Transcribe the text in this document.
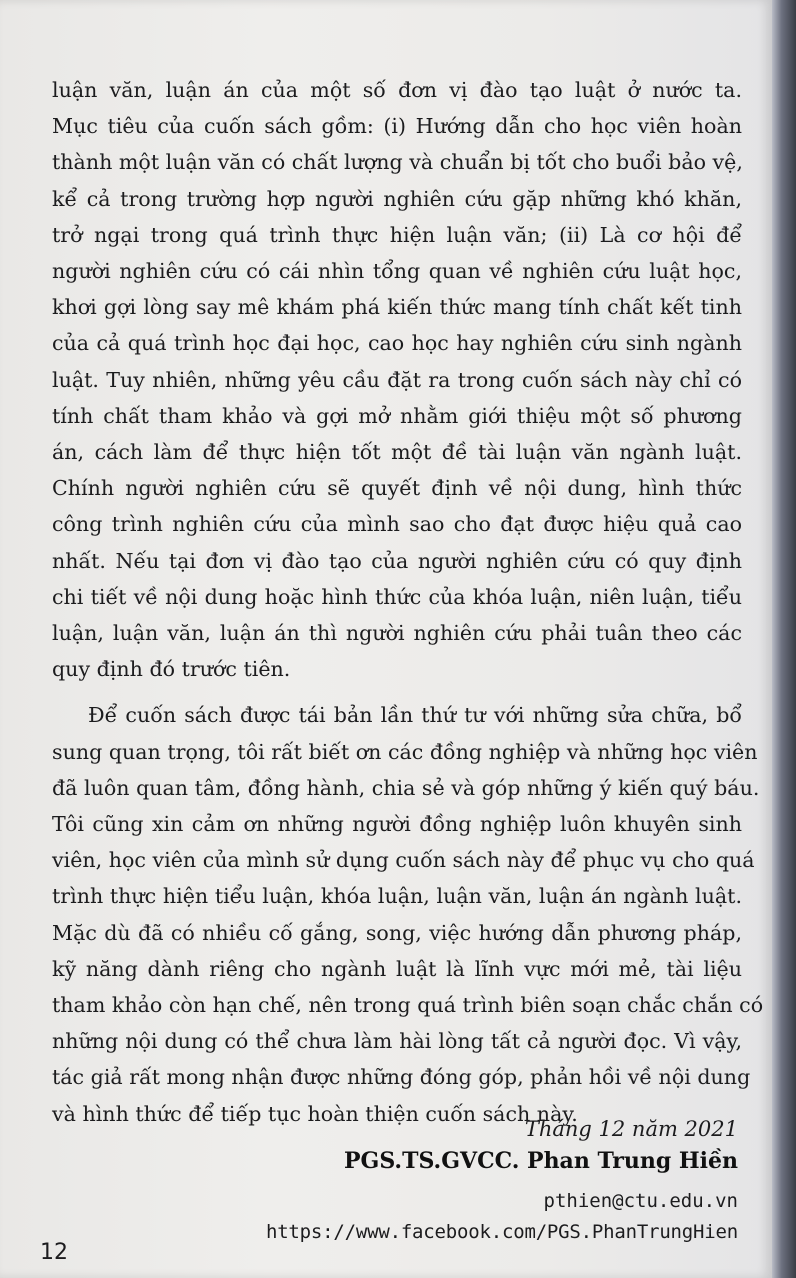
luận văn, luận án của một số đơn vị đào tạo luật ở nước ta.
Mục tiêu của cuốn sách gồm: (i) Hướng dẫn cho học viên hoàn
thành một luận văn có chất lượng và chuẩn bị tốt cho buổi bảo vệ,
kể cả trong trường hợp người nghiên cứu gặp những khó khăn,
trở ngại trong quá trình thực hiện luận văn; (ii) Là cơ hội để
người nghiên cứu có cái nhìn tổng quan về nghiên cứu luật học,
khơi gợi lòng say mê khám phá kiến thức mang tính chất kết tinh
của cả quá trình học đại học, cao học hay nghiên cứu sinh ngành
luật. Tuy nhiên, những yêu cầu đặt ra trong cuốn sách này chỉ có
tính chất tham khảo và gợi mở nhằm giới thiệu một số phương
án, cách làm để thực hiện tốt một đề tài luận văn ngành luật.
Chính người nghiên cứu sẽ quyết định về nội dung, hình thức
công trình nghiên cứu của mình sao cho đạt được hiệu quả cao
nhất. Nếu tại đơn vị đào tạo của người nghiên cứu có quy định
chi tiết về nội dung hoặc hình thức của khóa luận, niên luận, tiểu
luận, luận văn, luận án thì người nghiên cứu phải tuân theo các
quy định đó trước tiên.
Để cuốn sách được tái bản lần thứ tư với những sửa chữa, bổ
sung quan trọng, tôi rất biết ơn các đồng nghiệp và những học viên
đã luôn quan tâm, đồng hành, chia sẻ và góp những ý kiến quý báu.
Tôi cũng xin cảm ơn những người đồng nghiệp luôn khuyên sinh
viên, học viên của mình sử dụng cuốn sách này để phục vụ cho quá
trình thực hiện tiểu luận, khóa luận, luận văn, luận án ngành luật.
Mặc dù đã có nhiều cố gắng, song, việc hướng dẫn phương pháp,
kỹ năng dành riêng cho ngành luật là lĩnh vực mới mẻ, tài liệu
tham khảo còn hạn chế, nên trong quá trình biên soạn chắc chắn có
những nội dung có thể chưa làm hài lòng tất cả người đọc. Vì vậy,
tác giả rất mong nhận được những đóng góp, phản hồi về nội dung
và hình thức để tiếp tục hoàn thiện cuốn sách này.
Tháng 12 năm 2021
PGS.TS.GVCC. Phan Trung Hiền
pthien@ctu.edu.vn
https://www.facebook.com/PGS.PhanTrungHien
12
